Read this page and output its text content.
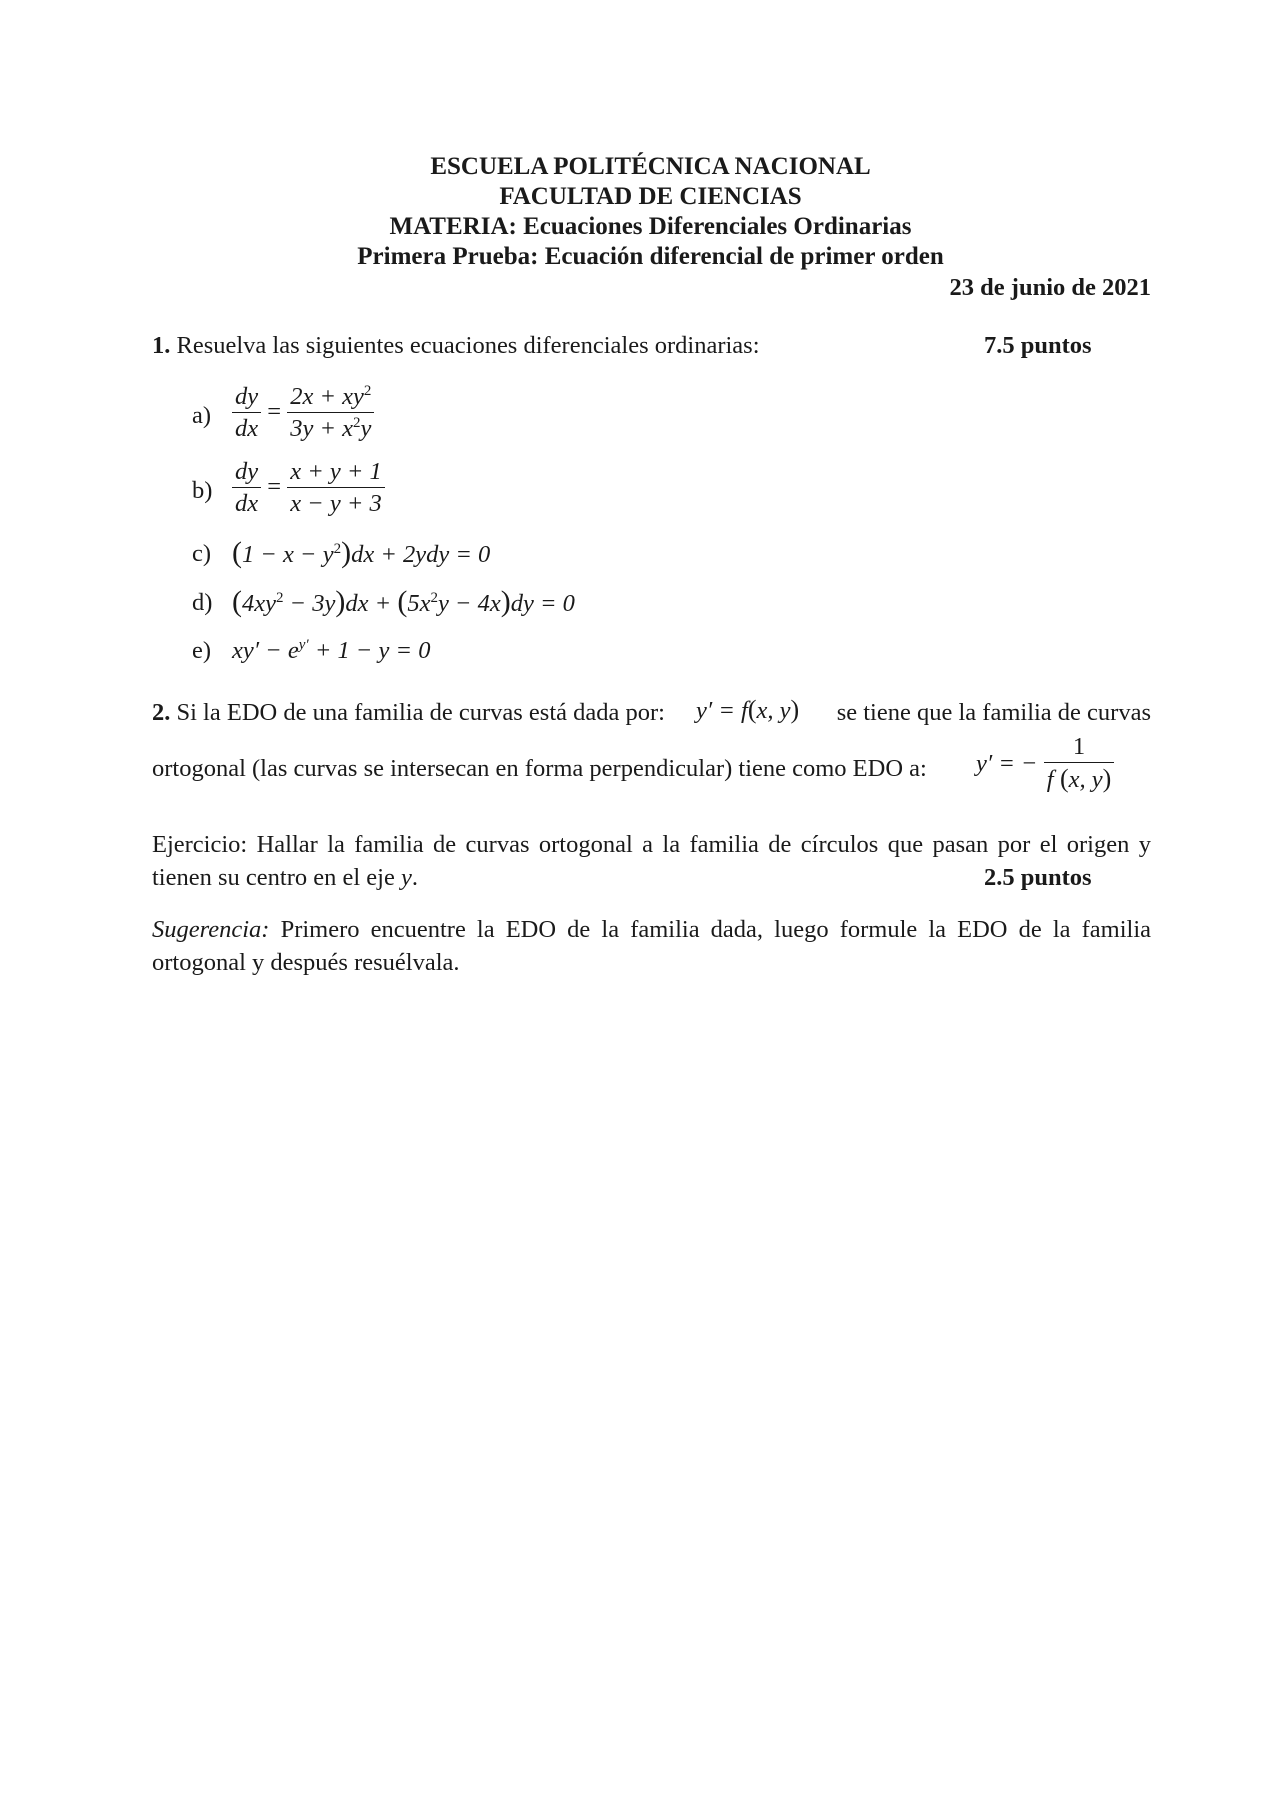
ESCUELA POLITÉCNICA NACIONAL
FACULTAD DE CIENCIAS
MATERIA: Ecuaciones Diferenciales Ordinarias
Primera Prueba: Ecuación diferencial de primer orden
23 de junio de 2021
1. Resuelva las siguientes ecuaciones diferenciales ordinarias:	7.5 puntos
$a) \frac{dy}{dx} = \frac{2x + xy^2}{3y + x^2y}$
$b) \frac{dy}{dx} = \frac{x + y + 1}{x - y + 3}$
c) $(1 - x - y^2)dx + 2ydy = 0$
d) $(4xy^2 - 3y)dx + (5x^2y - 4x)dy = 0$
e) $xy' - e^{y'} + 1 - y = 0$
2. Si la EDO de una familia de curvas está dada por: y′ = f(x, y) se tiene que la familia de curvas
ortogonal (las curvas se intersecan en forma perpendicular) tiene como EDO a: y′ = − $\frac{1}{f (x, y)}$
Ejercicio: Hallar la familia de curvas ortogonal a la familia de círculos que pasan por el origen y
tienen su centro en el eje y.	2.5 puntos
Sugerencia: Primero encuentre la EDO de la familia dada, luego formule la EDO de la familia
ortogonal y después resuélvala.
